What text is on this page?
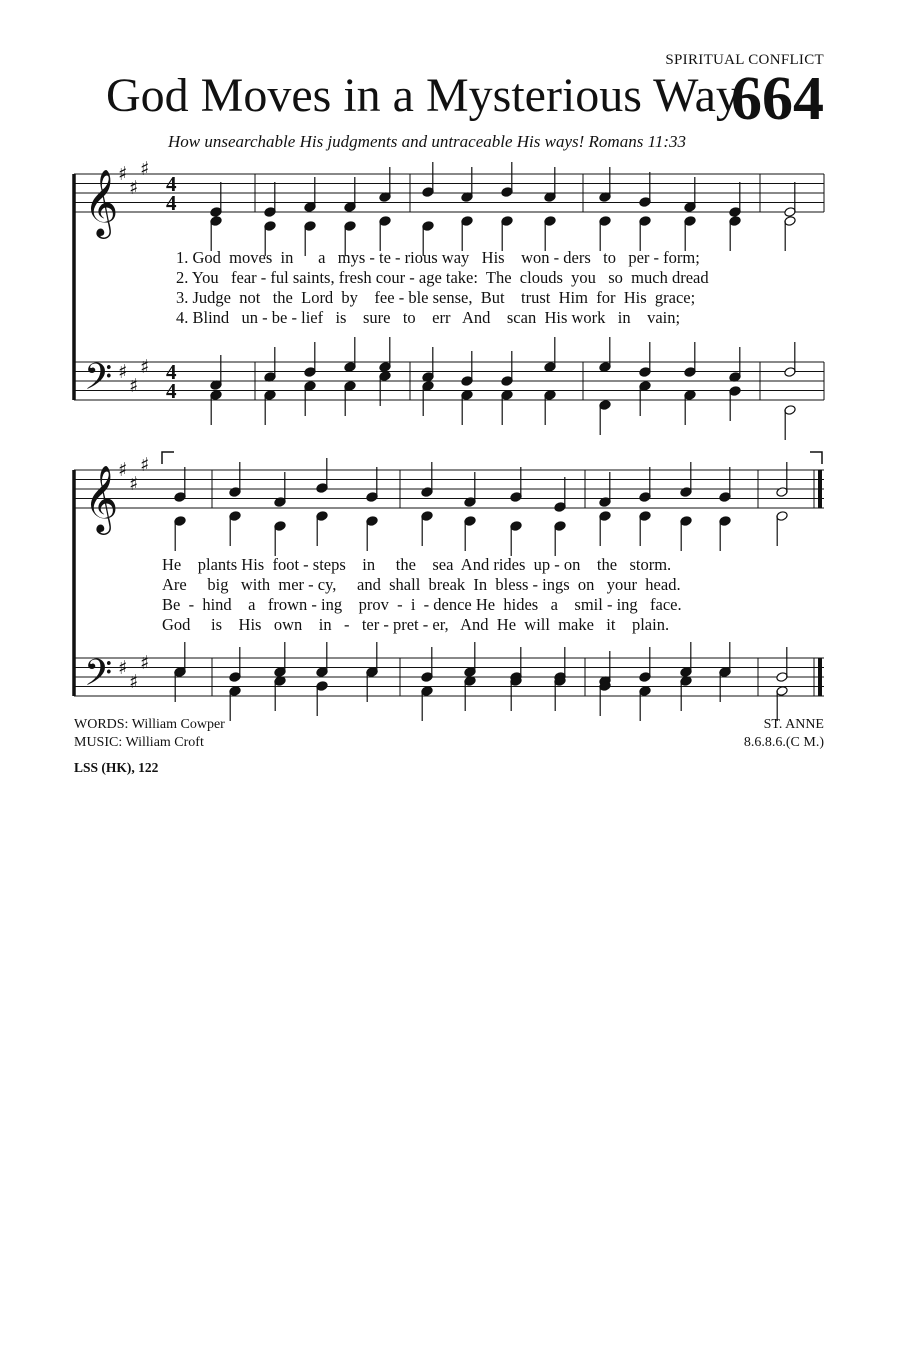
SPIRITUAL CONFLICT
God Moves in a Mysterious Way
664
How unsearchable His judgments and untraceable His ways! Romans 11:33
𝄞
𝄢
𝄞
𝄢
♯
♯
♯
♯
♯
♯
♯
♯
♯
♯
♯
♯
4
4
4
4
1. God  moves  in      a   mys - te - rious way   His    won - ders   to   per - form;
2. You   fear - ful saints, fresh cour - age take:  The  clouds  you   so  much dread
3. Judge  not   the  Lord  by    fee - ble sense,  But    trust  Him  for  His  grace;
4. Blind   un - be - lief   is    sure   to    err   And    scan  His work   in    vain;
He    plants His  foot - steps    in     the    sea  And rides  up - on    the   storm.
Are     big   with  mer - cy,     and  shall  break  In  bless - ings  on   your  head.
Be  -  hind    a   frown - ing    prov  -  i  - dence He  hides   a    smil - ing   face.
God     is    His   own    in   -   ter - pret - er,   And  He  will  make   it    plain.
WORDS: William Cowper
MUSIC: William Croft
ST. ANNE
8.6.8.6.(C M.)
LSS (HK), 122
